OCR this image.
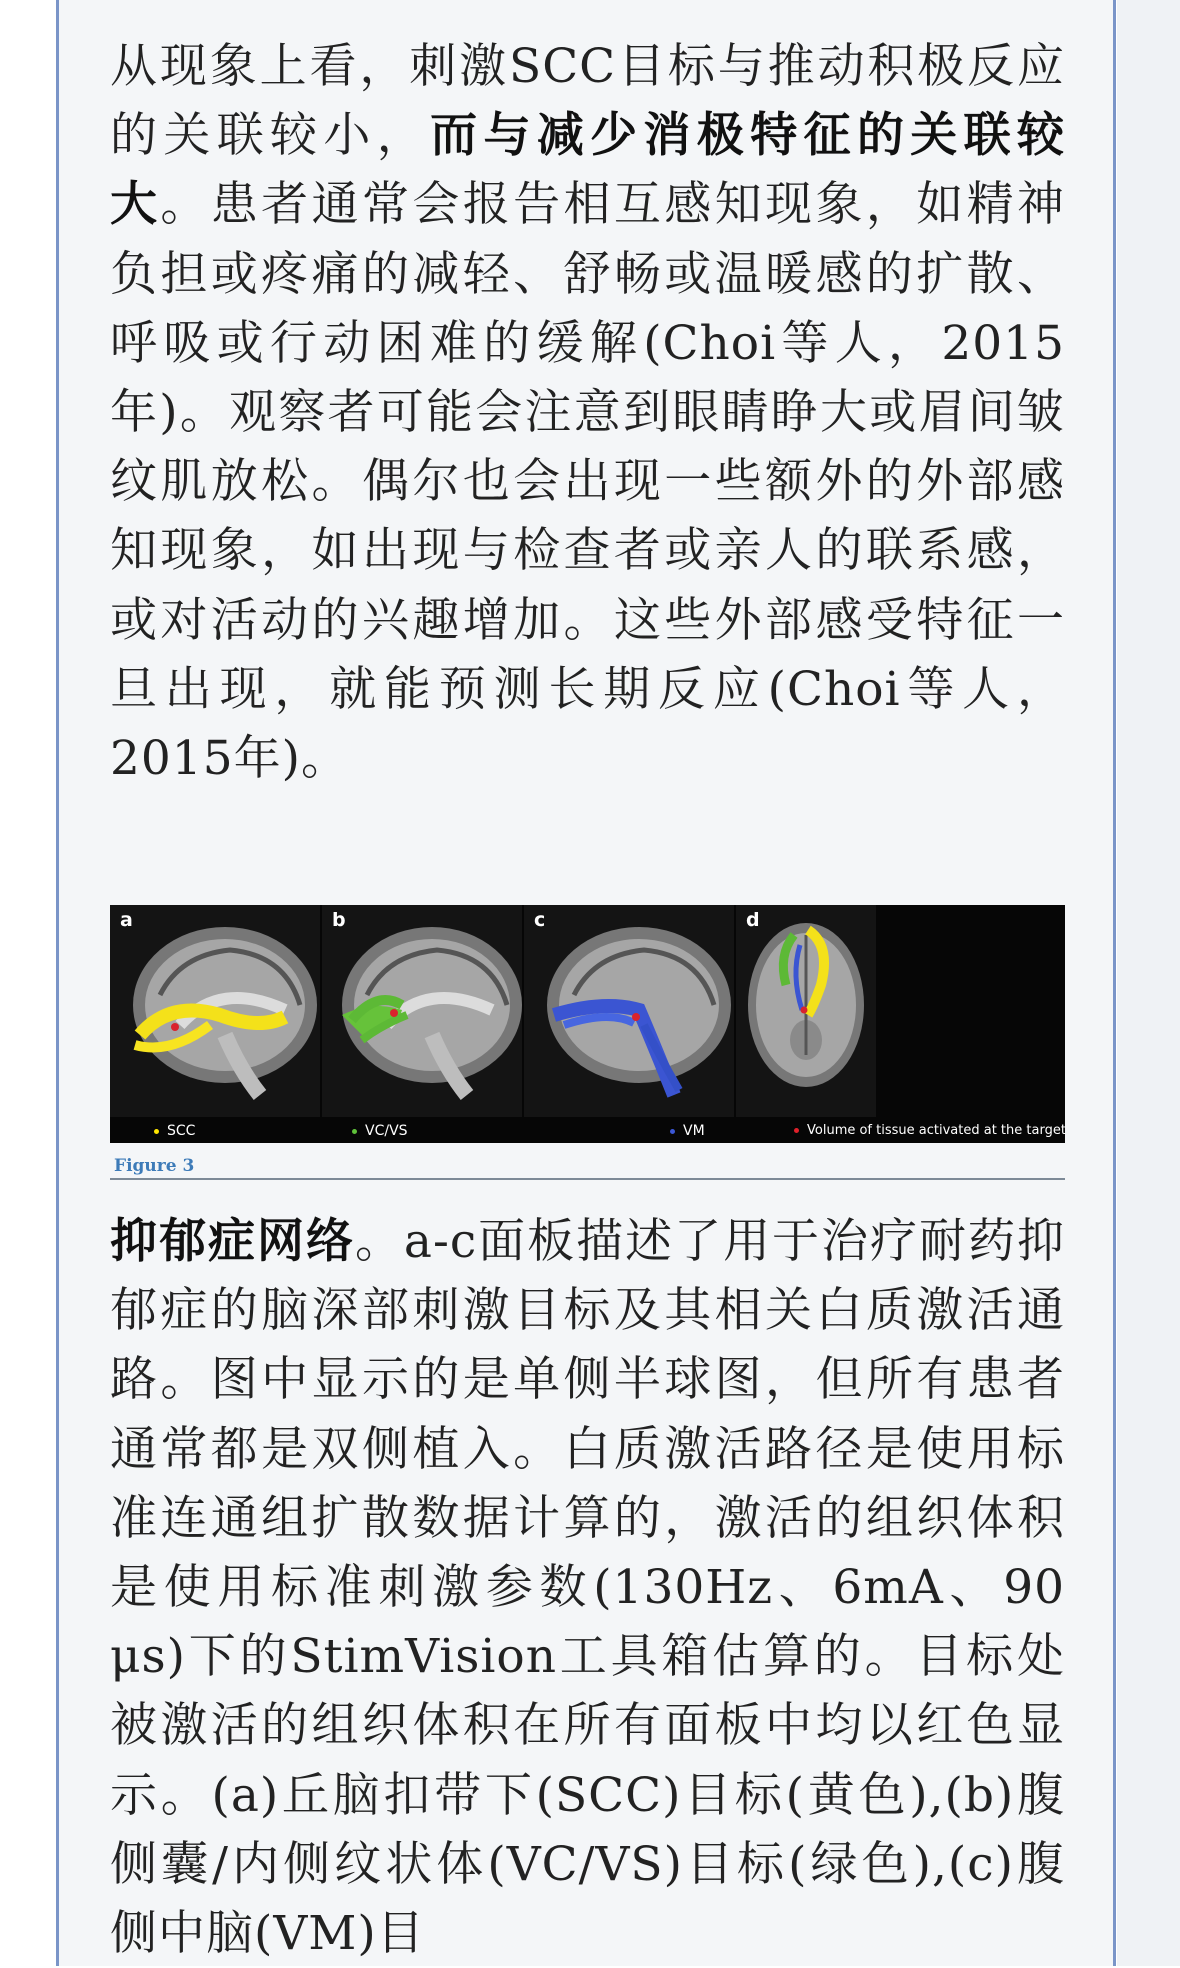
从现象上看，刺激SCC目标与推动积极反应的关联较小，而与减少消极特征的关联较大。患者通常会报告相互感知现象，如精神负担或疼痛的减轻、舒畅或温暖感的扩散、呼吸或行动困难的缓解(Choi等人，2015年)。观察者可能会注意到眼睛睁大或眉间皱纹肌放松。偶尔也会出现一些额外的外部感知现象，如出现与检查者或亲人的联系感，或对活动的兴趣增加。这些外部感受特征一旦出现，就能预测长期反应(Choi等人，2015年)。

a	b	c	d
SCC	VC/VS	VM	Volume of tissue activated at the target
Figure 3

抑郁症网络。a-c面板描述了用于治疗耐药抑郁症的脑深部刺激目标及其相关白质激活通路。图中显示的是单侧半球图，但所有患者通常都是双侧植入。白质激活路径是使用标准连通组扩散数据计算的，激活的组织体积是使用标准刺激参数(130Hz、6mA、90 μs)下的StimVision工具箱估算的。目标处被激活的组织体积在所有面板中均以红色显示。(a)丘脑扣带下(SCC)目标(黄色),(b)腹侧囊/内侧纹状体(VC/VS)目标(绿色),(c)腹侧中脑(VM)目
